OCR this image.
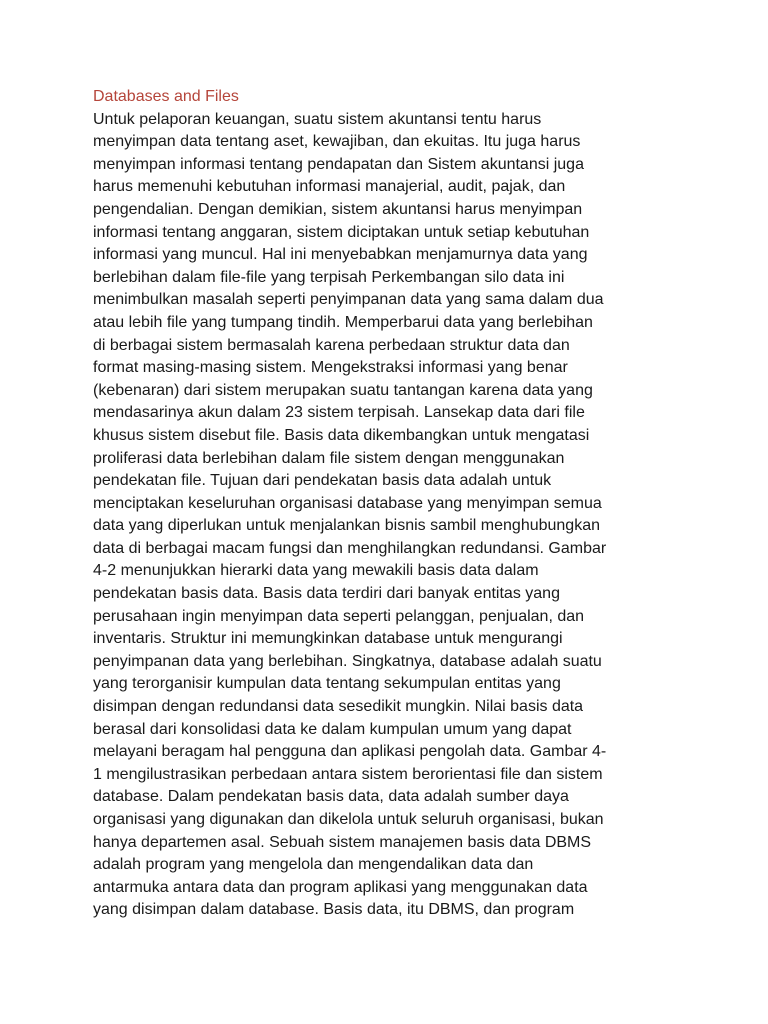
Databases and Files

Untuk pelaporan keuangan, suatu sistem akuntansi tentu harus

menyimpan data tentang aset, kewajiban, dan ekuitas. Itu juga harus

menyimpan informasi tentang pendapatan dan Sistem akuntansi juga

harus memenuhi kebutuhan informasi manajerial, audit, pajak, dan

pengendalian. Dengan demikian, sistem akuntansi harus menyimpan

informasi tentang anggaran, sistem diciptakan untuk setiap kebutuhan

informasi yang muncul. Hal ini menyebabkan menjamurnya data yang

berlebihan dalam file-file yang terpisah Perkembangan silo data ini

menimbulkan masalah seperti penyimpanan data yang sama dalam dua

atau lebih file yang tumpang tindih. Memperbarui data yang berlebihan

di berbagai sistem bermasalah karena perbedaan struktur data dan

format masing-masing sistem. Mengekstraksi informasi yang benar

(kebenaran) dari sistem merupakan suatu tantangan karena data yang

mendasarinya akun dalam 23 sistem terpisah. Lansekap data dari file

khusus sistem disebut file. Basis data dikembangkan untuk mengatasi

proliferasi data berlebihan dalam file sistem dengan menggunakan

pendekatan file. Tujuan dari pendekatan basis data adalah untuk

menciptakan keseluruhan organisasi database yang menyimpan semua

data yang diperlukan untuk menjalankan bisnis sambil menghubungkan

data di berbagai macam fungsi dan menghilangkan redundansi. Gambar

4-2 menunjukkan hierarki data yang mewakili basis data dalam

pendekatan basis data. Basis data terdiri dari banyak entitas yang

perusahaan ingin menyimpan data seperti pelanggan, penjualan, dan

inventaris. Struktur ini memungkinkan database untuk mengurangi

penyimpanan data yang berlebihan. Singkatnya, database adalah suatu

yang terorganisir kumpulan data tentang sekumpulan entitas yang

disimpan dengan redundansi data sesedikit mungkin. Nilai basis data

berasal dari konsolidasi data ke dalam kumpulan umum yang dapat

melayani beragam hal pengguna dan aplikasi pengolah data. Gambar 4-

1 mengilustrasikan perbedaan antara sistem berorientasi file dan sistem

database. Dalam pendekatan basis data, data adalah sumber daya

organisasi yang digunakan dan dikelola untuk seluruh organisasi, bukan

hanya departemen asal. Sebuah sistem manajemen basis data DBMS

adalah program yang mengelola dan mengendalikan data dan

antarmuka antara data dan program aplikasi yang menggunakan data

yang disimpan dalam database. Basis data, itu DBMS, dan program
